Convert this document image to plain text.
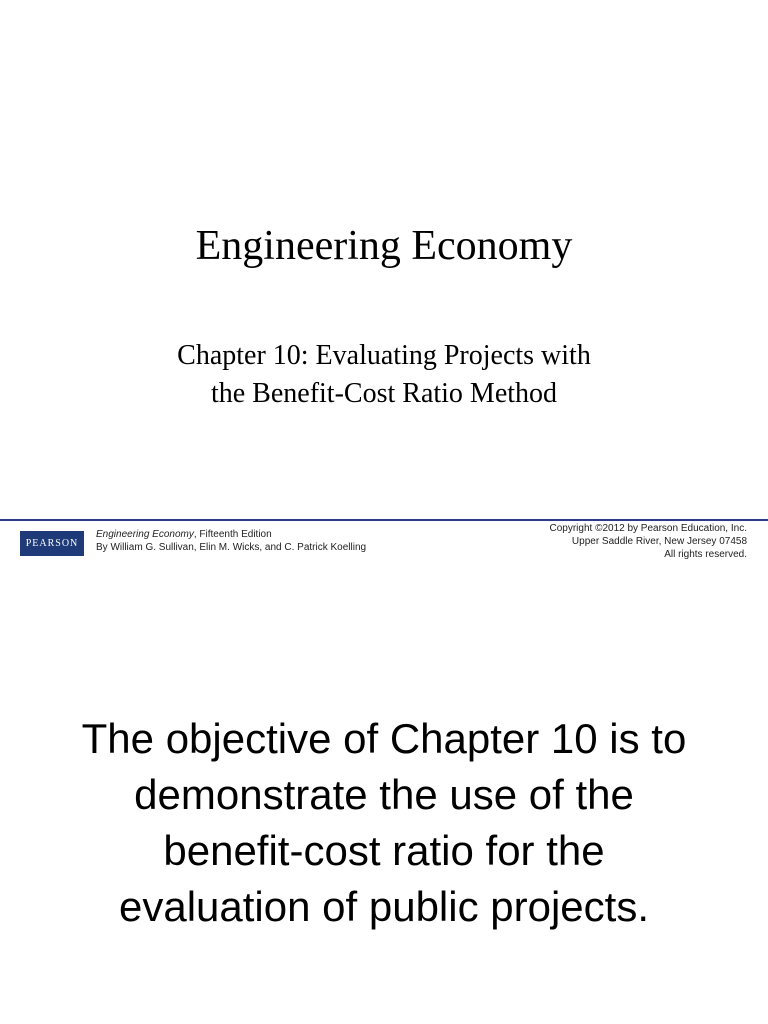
Engineering Economy
Chapter 10: Evaluating Projects with
the Benefit-Cost Ratio Method
PEARSON
Engineering Economy, Fifteenth Edition
By William G. Sullivan, Elin M. Wicks, and C. Patrick Koelling
Copyright ©2012 by Pearson Education, Inc.
Upper Saddle River, New Jersey 07458
All rights reserved.
The objective of Chapter 10 is to
demonstrate the use of the
benefit-cost ratio for the
evaluation of public projects.
